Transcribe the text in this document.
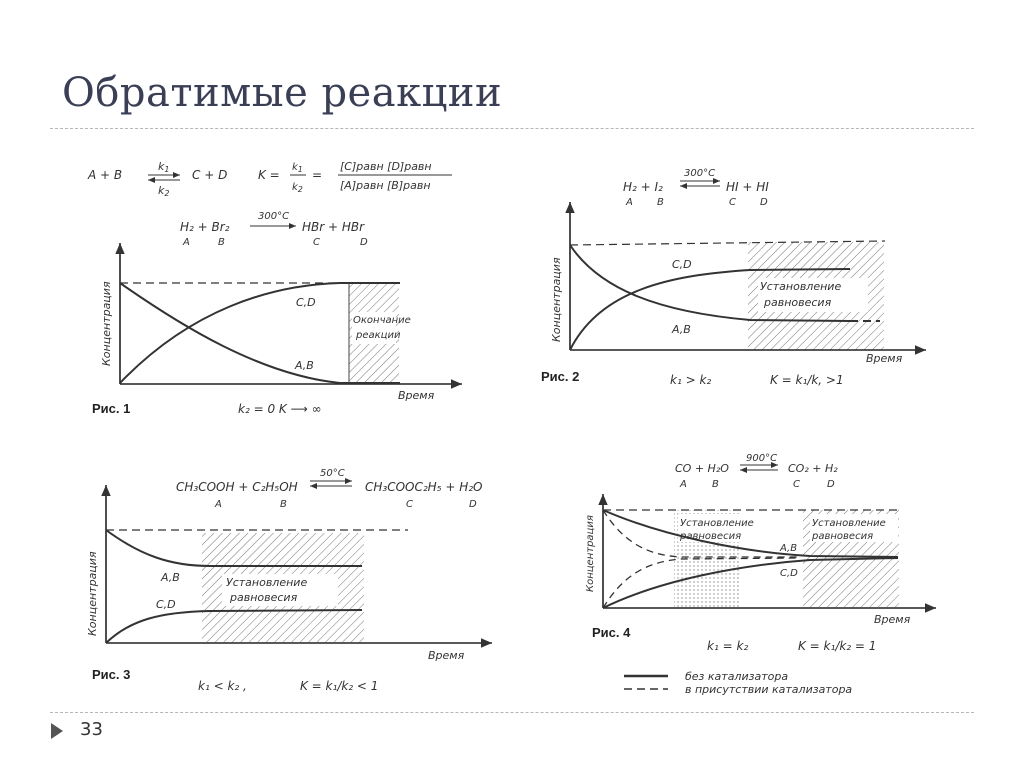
Обратимые реакции
A + B
k1
k2
C + D	K =
$k_1$
$k_2$
=
[C]равн [D]равн
[A]равн [B]равн
H₂ + Br₂
300°C
HBr + HBr
A	B	C	D
Окончание
реакции
C,D
A,B
Концентрация
Время
Рис. 1	k₂ = 0 K ⟶ ∞
H₂ + I₂
300°C
HI + HI
A B	C D
Установление
равновесия
C,D
A,B
Концентрация
Время
Рис. 2	k₁ > k₂	K = k₁/k, >1
CH₃COOH + C₂H₅OH
50°C
CH₃COOC₂H₅ + H₂O
A	B	C	D
Установление
равновесия
A,B
C,D
Концентрация
Время
Рис. 3
k₁ < k₂ ,	K = k₁/k₂ < 1
CO + H₂O
900°C
CO₂ + H₂
A	B	C	D
Установление
равновесия
Установление
равновесия
A,B
C,D
Концентрация
Время
Рис. 4
k₁ = k₂	K = k₁/k₂ = 1
без катализатора
в присутствии катализатора
33
